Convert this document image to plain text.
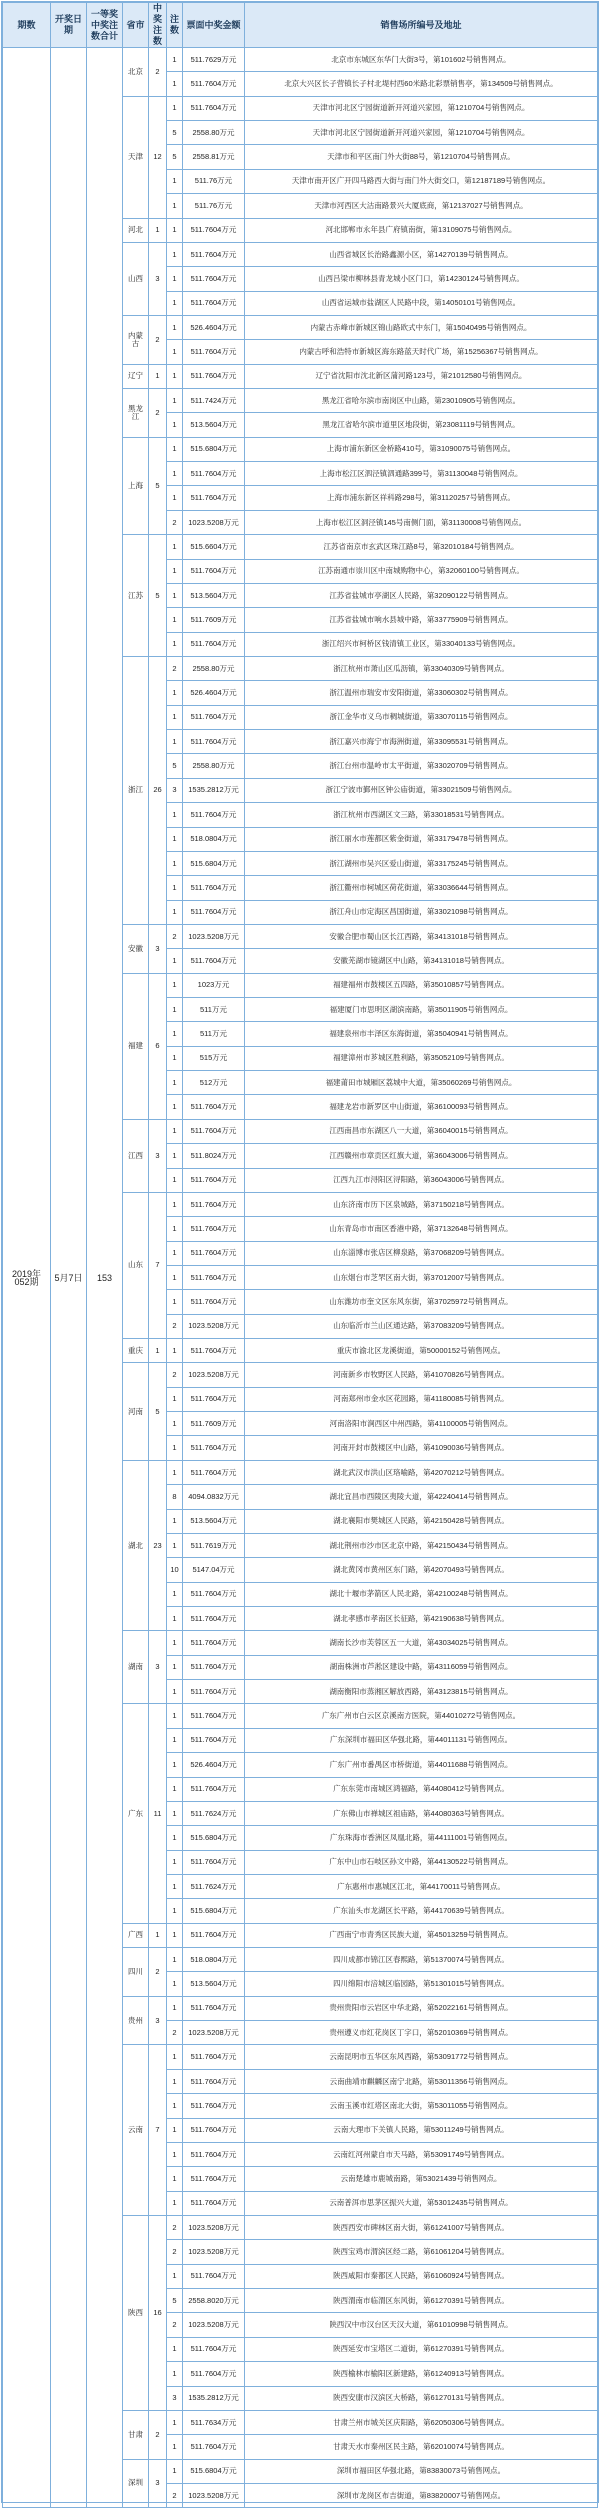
期数	开奖日期	一等奖中奖注数合计	省市	中奖注数	注数	票面中奖金额	销售场所编号及地址
2019年052期	5月7日	153	北京	2	1	511.7629万元	北京市东城区东华门大街3号，第101602号销售网点。
					1	511.7604万元	北京大兴区长子营镇长子村北堤村西60米路北彩票销售亭，第134509号销售网点。
			天津	12	1	511.7604万元	天津市河北区宁园街道新开河道兴家园，第1210704号销售网点。
					5	2558.80万元	天津市河北区宁园街道新开河道兴家园，第1210704号销售网点。
					5	2558.81万元	天津市和平区南门外大街88号，第1210704号销售网点。
					1	511.76万元	天津市南开区广开四马路西大街与南门外大街交口，第12187189号销售网点。
					1	511.76万元	天津市河西区大沽南路景兴大厦底商，第12137027号销售网点。
			河北	1	1	511.7604万元	河北邯郸市永年县广府镇南街，第13109075号销售网点。
			山西	3	1	511.7604万元	山西省城区长治路鑫源小区，第14270139号销售网点。
					1	511.7604万元	山西吕梁市柳林县青龙城小区门口，第14230124号销售网点。
					1	511.7604万元	山西省运城市盐湖区人民路中段，第14050101号销售网点。
			内蒙古	2	1	526.4604万元	内蒙古赤峰市新城区锦山路欧式中东门，第15040495号销售网点。
					1	511.7604万元	内蒙古呼和浩特市新城区海东路蓝天时代广场，第15256367号销售网点。
			辽宁	1	1	511.7604万元	辽宁省沈阳市沈北新区蒲河路123号，第21012580号销售网点。
			黑龙江	2	1	511.7424万元	黑龙江省哈尔滨市南岗区中山路，第23010905号销售网点。
					1	513.5604万元	黑龙江省哈尔滨市道里区地段街，第23081119号销售网点。
			上海	5	1	515.6804万元	上海市浦东新区金桥路410号，第31090075号销售网点。
					1	511.7604万元	上海市松江区泗泾镇泗通路399号，第31130048号销售网点。
					1	511.7604万元	上海市浦东新区祥科路298号，第31120257号销售网点。
					2	1023.5208万元	上海市松江区洞泾镇145号南侧门面，第31130008号销售网点。
			江苏	5	1	515.6604万元	江苏省南京市玄武区珠江路8号，第32010184号销售网点。
					1	511.7604万元	江苏南通市崇川区中南城购物中心，第32060100号销售网点。
					1	513.5604万元	江苏省盐城市亭湖区人民路，第32090122号销售网点。
					1	511.7609万元	江苏省盐城市响水县城中路，第33775909号销售网点。
					1	511.7604万元	浙江绍兴市柯桥区钱清镇工业区，第33040133号销售网点。
			浙江	26	2	2558.80万元	浙江杭州市萧山区瓜沥镇，第33040309号销售网点。
					1	526.4604万元	浙江温州市瑞安市安阳街道，第33060302号销售网点。
					1	511.7604万元	浙江金华市义乌市稠城街道，第33070115号销售网点。
					1	511.7604万元	浙江嘉兴市海宁市海洲街道，第33095531号销售网点。
					5	2558.80万元	浙江台州市温岭市太平街道，第33020709号销售网点。
					3	1535.2812万元	浙江宁波市鄞州区钟公庙街道，第33021509号销售网点。
					1	511.7604万元	浙江杭州市西湖区文三路，第33018531号销售网点。
					1	518.0804万元	浙江丽水市莲都区紫金街道，第33179478号销售网点。
					1	515.6804万元	浙江湖州市吴兴区爱山街道，第33175245号销售网点。
					1	511.7604万元	浙江衢州市柯城区荷花街道，第33036644号销售网点。
					1	511.7604万元	浙江舟山市定海区昌国街道，第33021098号销售网点。
			安徽	3	2	1023.5208万元	安徽合肥市蜀山区长江西路，第34131018号销售网点。
					1	511.7604万元	安徽芜湖市镜湖区中山路，第34131018号销售网点。
			福建	6	1	1023万元	福建福州市鼓楼区五四路，第35010857号销售网点。
					1	511万元	福建厦门市思明区湖滨南路，第35011905号销售网点。
					1	511万元	福建泉州市丰泽区东海街道，第35040941号销售网点。
					1	515万元	福建漳州市芗城区胜利路，第35052109号销售网点。
					1	512万元	福建莆田市城厢区荔城中大道，第35060269号销售网点。
					1	511.7604万元	福建龙岩市新罗区中山街道，第36100093号销售网点。
			江西	3	1	511.7604万元	江西南昌市东湖区八一大道，第36040015号销售网点。
					1	511.8024万元	江西赣州市章贡区红旗大道，第36043006号销售网点。
					1	511.7604万元	江西九江市浔阳区浔阳路，第36043006号销售网点。
			山东	7	1	511.7604万元	山东济南市历下区泉城路，第37150218号销售网点。
					1	511.7604万元	山东青岛市市南区香港中路，第37132648号销售网点。
					1	511.7604万元	山东淄博市张店区柳泉路，第37068209号销售网点。
					1	511.7604万元	山东烟台市芝罘区南大街，第37012007号销售网点。
					1	511.7604万元	山东潍坊市奎文区东风东街，第37025972号销售网点。
					2	1023.5208万元	山东临沂市兰山区通达路，第37083209号销售网点。
			重庆	1	1	511.7604万元	重庆市渝北区龙溪街道，第50000152号销售网点。
			河南	5	2	1023.5208万元	河南新乡市牧野区人民路，第41070826号销售网点。
					1	511.7604万元	河南郑州市金水区花园路，第41180085号销售网点。
					1	511.7609万元	河南洛阳市涧西区中州西路，第41100005号销售网点。
					1	511.7604万元	河南开封市鼓楼区中山路，第41090036号销售网点。
			湖北	23	1	511.7604万元	湖北武汉市洪山区珞喻路，第42070212号销售网点。
					8	4094.0832万元	湖北宜昌市西陵区夷陵大道，第42240414号销售网点。
					1	513.5604万元	湖北襄阳市樊城区人民路，第42150428号销售网点。
					1	511.7619万元	湖北荆州市沙市区北京中路，第42150434号销售网点。
					10	5147.04万元	湖北黄冈市黄州区东门路，第42070493号销售网点。
					1	511.7604万元	湖北十堰市茅箭区人民北路，第42100248号销售网点。
					1	511.7604万元	湖北孝感市孝南区长征路，第42190638号销售网点。
			湖南	3	1	511.7604万元	湖南长沙市芙蓉区五一大道，第43034025号销售网点。
					1	511.7604万元	湖南株洲市芦淞区建设中路，第43116059号销售网点。
					1	511.7604万元	湖南衡阳市蒸湘区解放西路，第43123815号销售网点。
			广东	11	1	511.7604万元	广东广州市白云区京溪南方医院，第44010272号销售网点。
					1	511.7604万元	广东深圳市福田区华强北路，第44011131号销售网点。
					1	526.4604万元	广东广州市番禺区市桥街道，第44011688号销售网点。
					1	511.7604万元	广东东莞市南城区鸿福路，第44080412号销售网点。
					1	511.7624万元	广东佛山市禅城区祖庙路，第44080363号销售网点。
					1	515.6804万元	广东珠海市香洲区凤凰北路，第44111001号销售网点。
					1	511.7604万元	广东中山市石岐区孙文中路，第44130522号销售网点。
					1	511.7624万元	广东惠州市惠城区江北，第44170011号销售网点。
					1	515.6804万元	广东汕头市龙湖区长平路，第44170639号销售网点。
			广西	1	1	511.7604万元	广西南宁市青秀区民族大道，第45013259号销售网点。
			四川	2	1	518.0804万元	四川成都市锦江区春熙路，第51370074号销售网点。
					1	513.5604万元	四川绵阳市涪城区临园路，第51301015号销售网点。
			贵州	3	1	511.7604万元	贵州贵阳市云岩区中华北路，第52022161号销售网点。
					2	1023.5208万元	贵州遵义市红花岗区丁字口，第52010369号销售网点。
			云南	7	1	511.7604万元	云南昆明市五华区东风西路，第53091772号销售网点。
					1	511.7604万元	云南曲靖市麒麟区南宁北路，第53011356号销售网点。
					1	511.7604万元	云南玉溪市红塔区南北大街，第53011055号销售网点。
					1	511.7604万元	云南大理市下关镇人民路，第53011249号销售网点。
					1	511.7604万元	云南红河州蒙自市天马路，第53091749号销售网点。
					1	511.7604万元	云南楚雄市鹿城南路，第53021439号销售网点。
					1	511.7604万元	云南普洱市思茅区振兴大道，第53012435号销售网点。
			陕西	16	2	1023.5208万元	陕西西安市碑林区南大街，第61241007号销售网点。
					2	1023.5208万元	陕西宝鸡市渭滨区经二路，第61061204号销售网点。
					1	511.7604万元	陕西咸阳市秦都区人民路，第61060924号销售网点。
					5	2558.8020万元	陕西渭南市临渭区东风街，第61270391号销售网点。
					2	1023.5208万元	陕西汉中市汉台区天汉大道，第61010998号销售网点。
					1	511.7604万元	陕西延安市宝塔区二道街，第61270391号销售网点。
					1	511.7604万元	陕西榆林市榆阳区新建路，第61240913号销售网点。
					3	1535.2812万元	陕西安康市汉滨区大桥路，第61270131号销售网点。
			甘肃	2	1	511.7634万元	甘肃兰州市城关区庆阳路，第62050306号销售网点。
					1	511.7604万元	甘肃天水市秦州区民主路，第62010074号销售网点。
			深圳	3	1	515.6804万元	深圳市福田区华强北路，第83830073号销售网点。
					2	1023.5208万元	深圳市龙岗区布吉街道，第83820007号销售网点。
